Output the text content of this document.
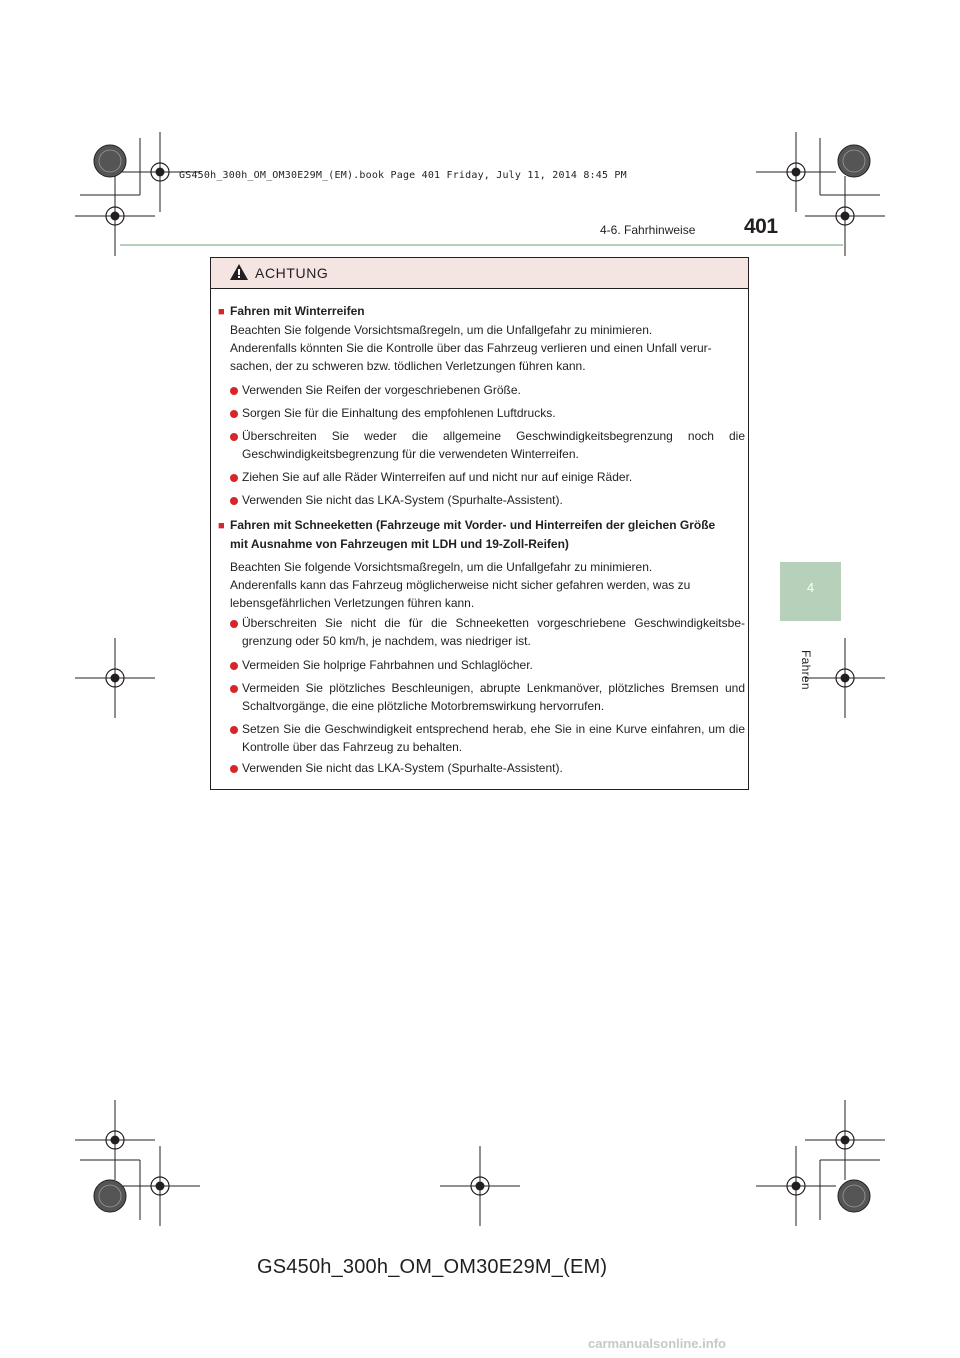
GS450h_300h_OM_OM30E29M_(EM).book Page 401 Friday, July 11, 2014 8:45 PM
4-6. Fahrhinweise 401
4
Fahren
ACHTUNG
■ Fahren mit Winterreifen
Beachten Sie folgende Vorsichtsmaßregeln, um die Unfallgefahr zu minimieren.
Anderenfalls könnten Sie die Kontrolle über das Fahrzeug verlieren und einen Unfall verur-
sachen, der zu schweren bzw. tödlichen Verletzungen führen kann.
Verwenden Sie Reifen der vorgeschriebenen Größe.
Sorgen Sie für die Einhaltung des empfohlenen Luftdrucks.
Überschreiten Sie weder die allgemeine Geschwindigkeitsbegrenzung noch die Geschwindigkeitsbegrenzung für die verwendeten Winterreifen.
Ziehen Sie auf alle Räder Winterreifen auf und nicht nur auf einige Räder.
Verwenden Sie nicht das LKA-System (Spurhalte-Assistent).
■ Fahren mit Schneeketten (Fahrzeuge mit Vorder- und Hinterreifen der gleichen Größe
mit Ausnahme von Fahrzeugen mit LDH und 19-Zoll-Reifen)
Beachten Sie folgende Vorsichtsmaßregeln, um die Unfallgefahr zu minimieren.
Anderenfalls kann das Fahrzeug möglicherweise nicht sicher gefahren werden, was zu
lebensgefährlichen Verletzungen führen kann.
Überschreiten Sie nicht die für die Schneeketten vorgeschriebene Geschwindigkeitsbe-grenzung oder 50 km/h, je nachdem, was niedriger ist.
Vermeiden Sie holprige Fahrbahnen und Schlaglöcher.
Vermeiden Sie plötzliches Beschleunigen, abrupte Lenkmanöver, plötzliches Bremsen und Schaltvorgänge, die eine plötzliche Motorbremswirkung hervorrufen.
Setzen Sie die Geschwindigkeit entsprechend herab, ehe Sie in eine Kurve einfahren, um die Kontrolle über das Fahrzeug zu behalten.
Verwenden Sie nicht das LKA-System (Spurhalte-Assistent).
GS450h_300h_OM_OM30E29M_(EM)
carmanualsonline.info
